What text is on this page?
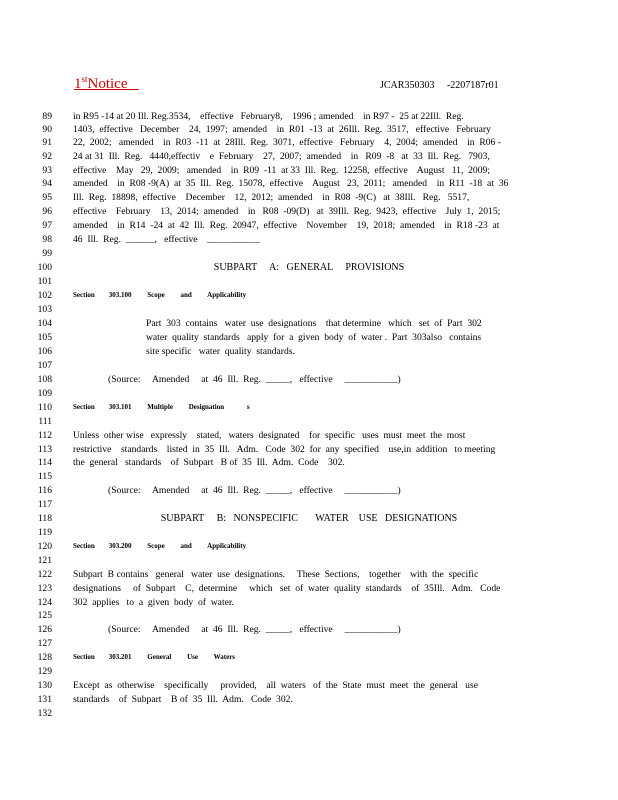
1stNotice	JCAR350303     -2207187r01
89 in R95 -14 at 20 Ill. Reg.3534,    effective   February8,    1996 ; amended    in R97 -  25 at 22Ill.  Reg.
90 1403,  effective   December    24,  1997;  amended    in  R01  -13  at  26Ill.  Reg.  3517,   effective   February
91 22,  2002;   amended    in  R03  -11  at  28Ill.  Reg.  3071,  effective   February    4,  2004;  amended    in  R06 -
92 24 at 31  Ill.  Reg.   4440,effectiv    e  February    27,  2007;  amended    in   R09  -8   at  33  Ill.  Reg.   7903,
93 effective    May   29,  2009;   amended    in  R09  -11  at 33  Ill.  Reg.  12258,  effective    August   11,  2009;
94 amended    in  R08 -9(A)  at  35  Ill.  Reg.  15078,  effective    August   23,  2011;   amended    in  R11  -18  at  36
95 Ill.  Reg.  18898,  effective    December    12,  2012;  amended    in  R08  -9(C)   at  38Ill.   Reg.   5517,
96 effective    February    13,  2014;  amended    in   R08  -09(D)   at  39Ill.  Reg.  9423,  effective    July  1,  2015;
97 amended    in  R14  -24  at  42  Ill.  Reg.  20947,  effective    November    19,  2018;  amended    in  R18 -23  at
98 46  Ill.  Reg.  ______,   effective    ___________
99
100	SUBPART     A:   GENERAL     PROVISIONS
101
102	Section        303.100         Scope         and         Applicability
103
104	Part  303  contains   water  use  designations    that determine   which   set  of  Part  302
105	water  quality  standards   apply  for  a  given  body  of  water .  Part  303also   contains
106	site specific   water  quality  standards.
107
108	(Source:     Amended     at  46  Ill.  Reg.  _____,   effective     ___________)
109
110	Section        303.101         Multiple         Designation             s
111
112 Unless  other wise   expressly    stated,   waters  designated    for  specific   uses  must  meet  the  most
113 restrictive    standards    listed  in  35  Ill.   Adm.   Code  302  for  any  specified    use,in  addition   to meeting
114 the  general   standards    of  Subpart   B of  35  Ill.  Adm.  Code    302.
115
116	(Source:     Amended     at  46  Ill.  Reg.  _____,   effective     ___________)
117
118	SUBPART     B:   NONSPECIFIC       WATER    USE   DESIGNATIONS
119
120	Section        303.200         Scope         and         Applicability
121
122 Subpart  B contains   general   water  use  designations.     These  Sections,    together    with  the  specific
123 designations     of  Subpart    C,  determine     which   set  of  water  quality  standards    of  35Ill.   Adm.   Code
124 302  applies   to  a  given  body  of  water.
125
126	(Source:     Amended     at  46  Ill.  Reg.  _____,   effective     ___________)
127
128	Section        303.201         General         Use         Waters
129
130 Except  as  otherwise    specifically     provided,    all  waters   of  the  State  must  meet  the  general   use
131 standards    of  Subpart    B of  35  Ill.  Adm.   Code  302.
132
